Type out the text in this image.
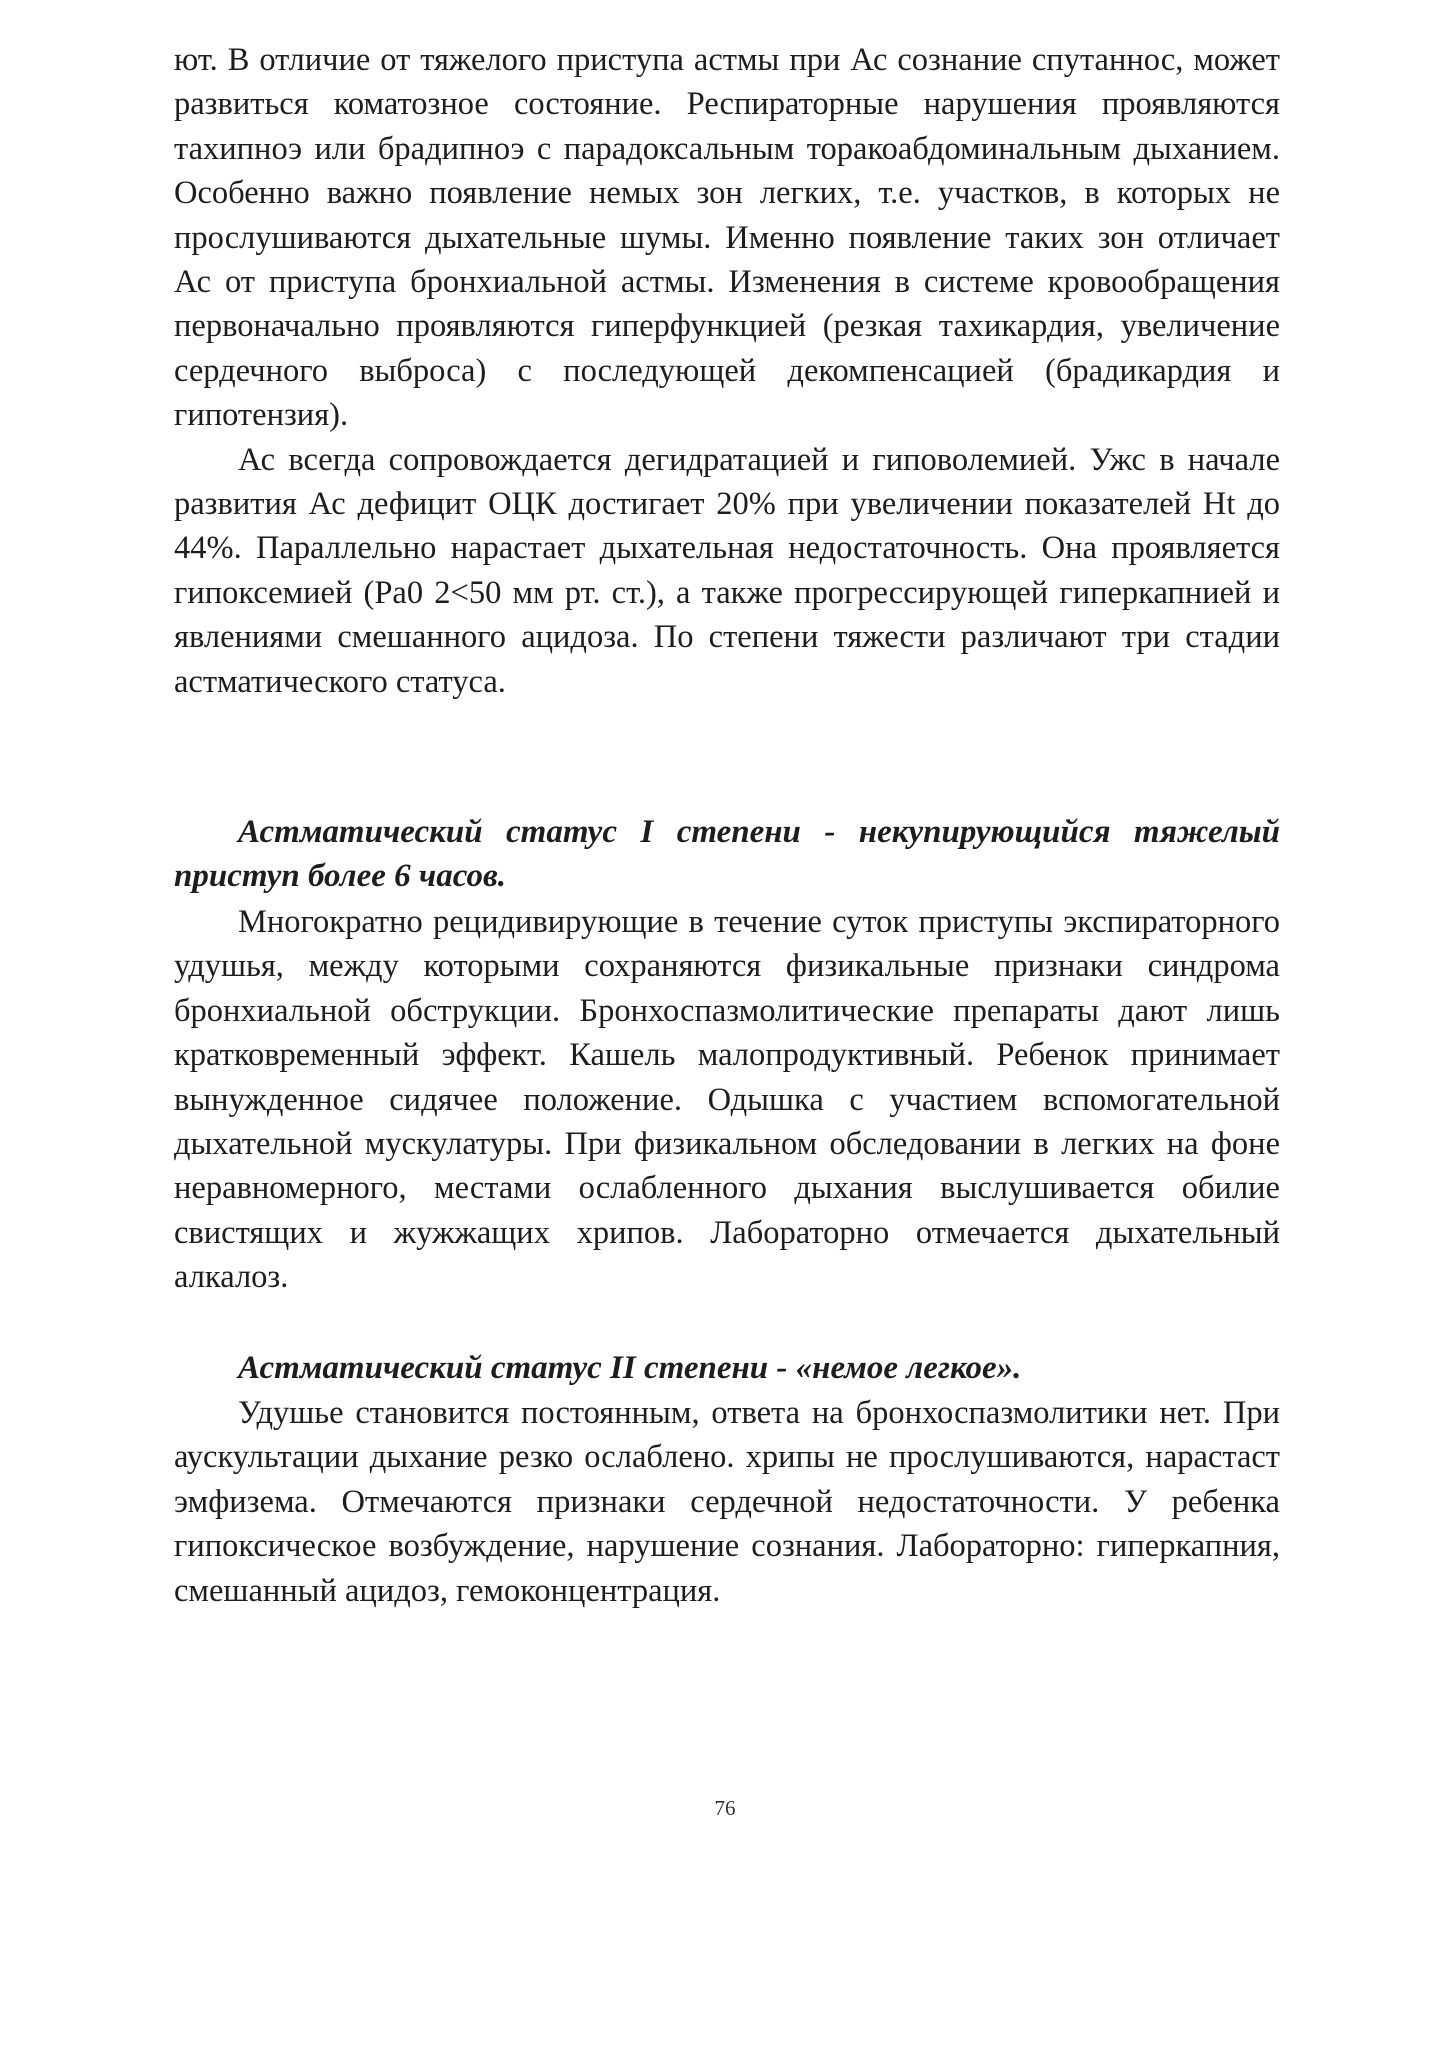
ют. В отличие от тяжелого приступа астмы при Ас сознание спутаннос, может развиться коматозное состояние. Респираторные нарушения проявляются тахипноэ или брадипноэ с парадоксальным торакоабдоминальным дыханием. Особенно важно появление немых зон легких, т.е. участков, в которых не прослушиваются дыхательные шумы. Именно появление таких зон отличает Ас от приступа бронхиальной астмы. Изменения в системе кровообращения первоначально проявляются гиперфункцией (резкая тахикардия, увеличение сердечного выброса) с последующей декомпенсацией (брадикардия и гипотензия).

Ас всегда сопровождается дегидратацией и гиповолемией. Ужс в начале развития Ас дефицит ОЦК достигает 20% при увеличении показателей Ht до 44%. Параллельно нарастает дыхательная недостаточность. Она проявляется гипоксемией (Ра0 2<50 мм рт. ст.), а также прогрессирующей гиперкапнией и явлениями смешанного ацидоза. По степени тяжести различают три стадии астматического статуса.

Астматический статус I степени - некупирующийся тяжелый приступ более 6 часов.

Многократно рецидивирующие в течение суток приступы экспираторного удушья, между которыми сохраняются физикальные признаки синдрома бронхиальной обструкции. Бронхоспазмолитические препараты дают лишь кратковременный эффект. Кашель малопродуктивный. Ребенок принимает вынужденное сидячее положение. Одышка с участием вспомогательной дыхательной мускулатуры. При физикальном обследовании в легких на фоне неравномерного, местами ослабленного дыхания выслушивается обилие свистящих и жужжащих хрипов. Лабораторно отмечается дыхательный алкалоз.

Астматический статус II степени - «немое легкое».

Удушье становится постоянным, ответа на бронхоспазмолитики нет. При аускультации дыхание резко ослаблено. хрипы не прослушиваются, нарастаст эмфизема. Отмечаются признаки сердечной недостаточности. У ребенка гипоксическое возбуждение, нарушение сознания. Лабораторно: гиперкапния, смешанный ацидоз, гемоконцентрация.

76
